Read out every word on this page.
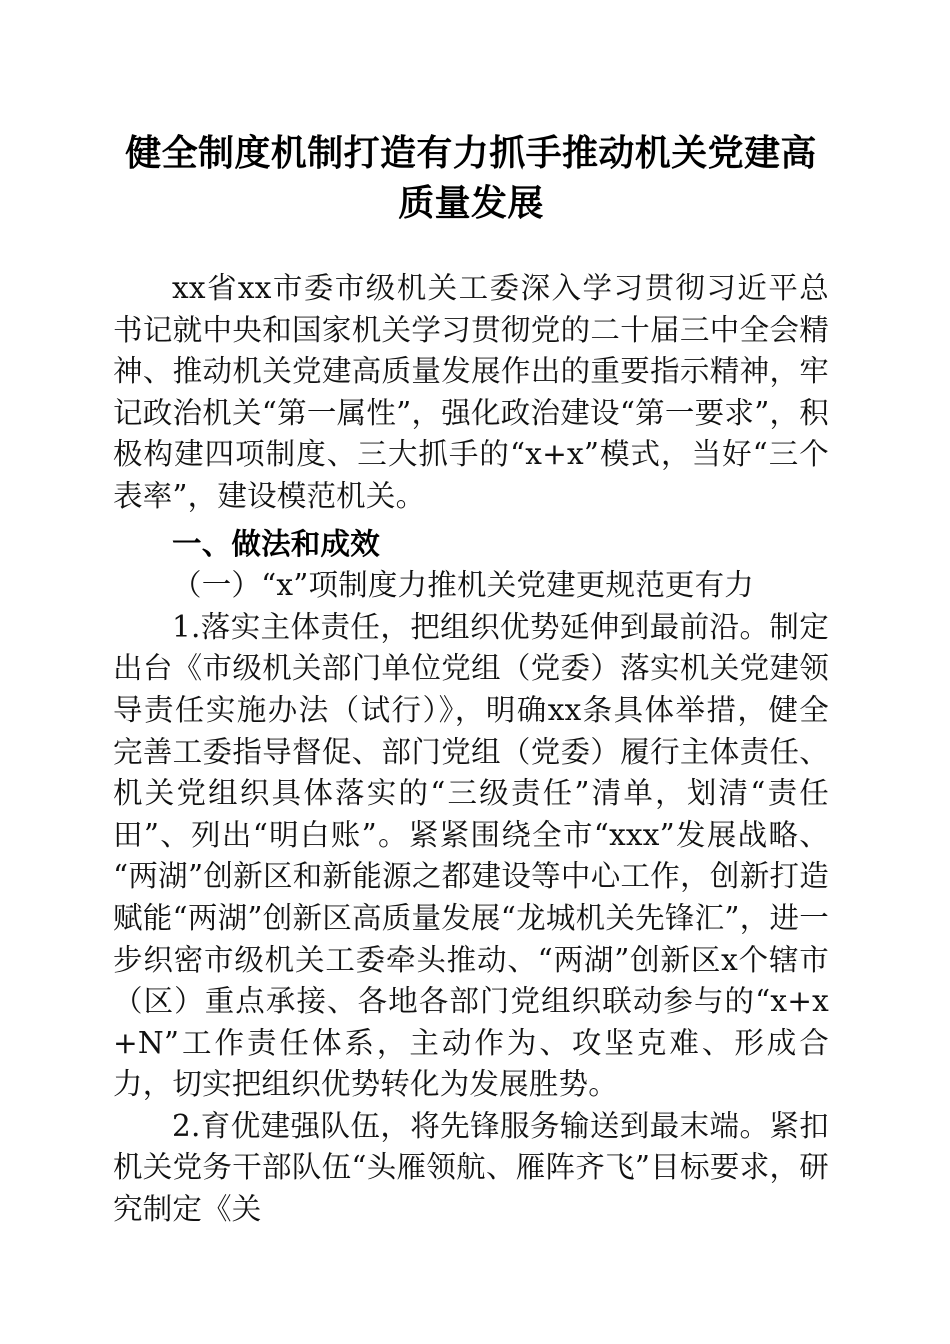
健全制度机制打造有力抓手推动机关党建高质量发展

xx省xx市委市级机关工委深入学习贯彻习近平总书记就中央和国家机关学习贯彻党的二十届三中全会精神、推动机关党建高质量发展作出的重要指示精神，牢记政治机关“第一属性”，强化政治建设“第一要求”，积极构建四项制度、三大抓手的“x+x”模式，当好“三个表率”，建设模范机关。

一、做法和成效
（一）“x”项制度力推机关党建更规范更有力

1.落实主体责任，把组织优势延伸到最前沿。制定出台《市级机关部门单位党组（党委）落实机关党建领导责任实施办法（试行）》，明确xx条具体举措，健全完善工委指导督促、部门党组（党委）履行主体责任、机关党组织具体落实的“三级责任”清单，划清“责任田”、列出“明白账”。紧紧围绕全市“xxx”发展战略、“两湖”创新区和新能源之都建设等中心工作，创新打造赋能“两湖”创新区高质量发展“龙城机关先锋汇”，进一步织密市级机关工委牵头推动、“两湖”创新区x个辖市（区）重点承接、各地各部门党组织联动参与的“x+x+N”工作责任体系，主动作为、攻坚克难、形成合力，切实把组织优势转化为发展胜势。

2.育优建强队伍，将先锋服务输送到最末端。紧扣机关党务干部队伍“头雁领航、雁阵齐飞”目标要求，研究制定《关
